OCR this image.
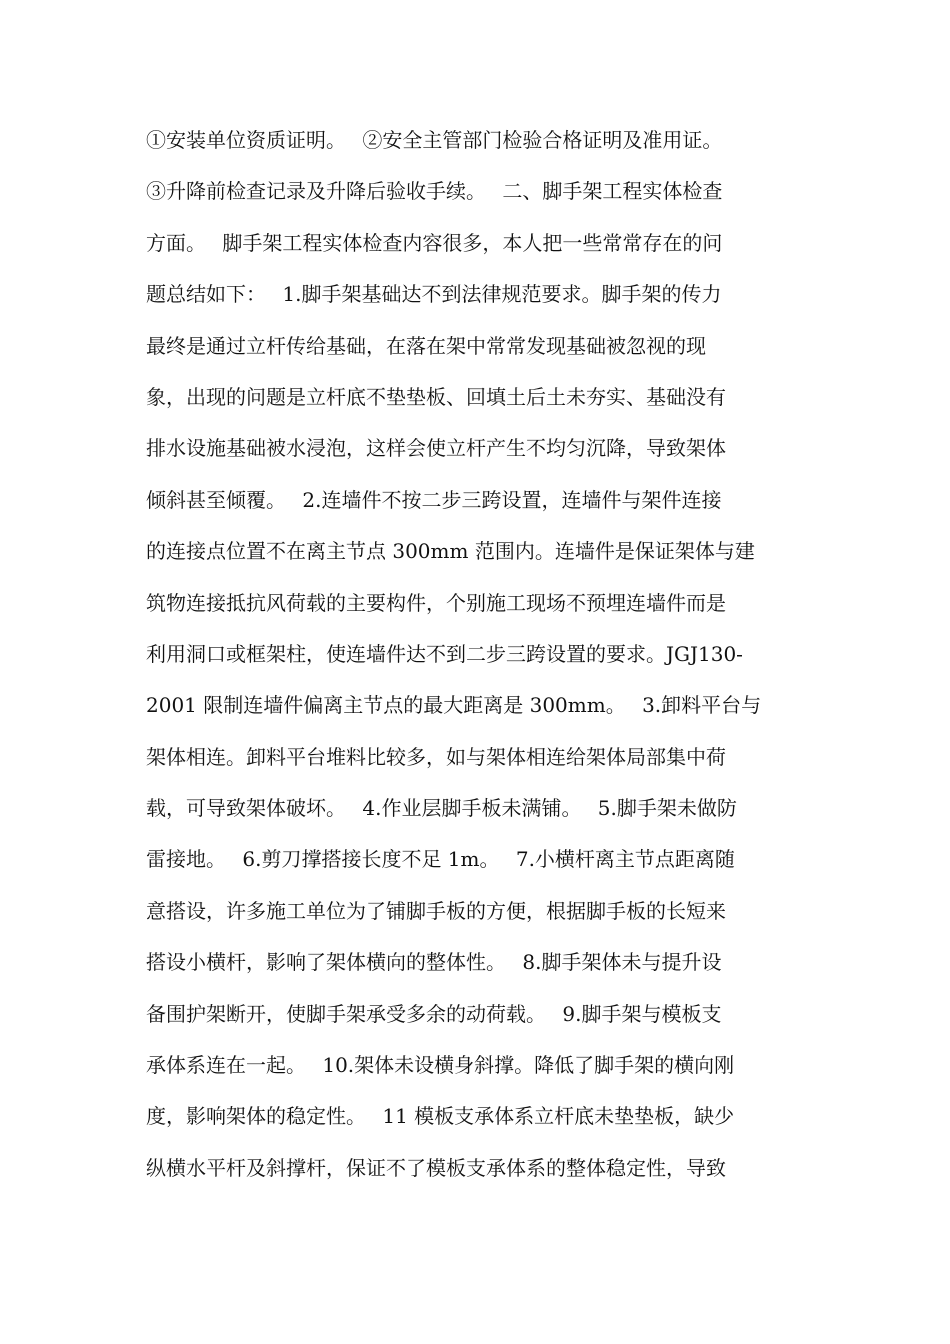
①安装单位资质证明。　 ②安全主管部门检验合格证明及准用证。
③升降前检查记录及升降后验收手续。　 二、脚手架工程实体检查
方面。　 脚手架工程实体检查内容很多，本人把一些常常存在的问
题总结如下：　 1.脚手架基础达不到法律规范要求。脚手架的传力
最终是通过立杆传给基础，在落在架中常常发现基础被忽视的现
象，出现的问题是立杆底不垫垫板、回填土后土未夯实、基础没有
排水设施基础被水浸泡，这样会使立杆产生不均匀沉降，导致架体
倾斜甚至倾覆。　 2.连墙件不按二步三跨设置，连墙件与架件连接
的连接点位置不在离主节点 300mm 范围内。连墙件是保证架体与建
筑物连接抵抗风荷载的主要构件，个别施工现场不预埋连墙件而是
利用洞口或框架柱，使连墙件达不到二步三跨设置的要求。JGJ130-
2001 限制连墙件偏离主节点的最大距离是 300mm。　 3.卸料平台与
架体相连。卸料平台堆料比较多，如与架体相连给架体局部集中荷
载，可导致架体破坏。　 4.作业层脚手板未满铺。　 5.脚手架未做防
雷接地。　 6.剪刀撑搭接长度不足 1m。　 7.小横杆离主节点距离随
意搭设，许多施工单位为了铺脚手板的方便，根据脚手板的长短来
搭设小横杆，影响了架体横向的整体性。　 8.脚手架体未与提升设
备围护架断开，使脚手架承受多余的动荷载。　 9.脚手架与模板支
承体系连在一起。　 10.架体未设横身斜撑。降低了脚手架的横向刚
度，影响架体的稳定性。　 11 模板支承体系立杆底未垫垫板，缺少
纵横水平杆及斜撑杆，保证不了模板支承体系的整体稳定性，导致
